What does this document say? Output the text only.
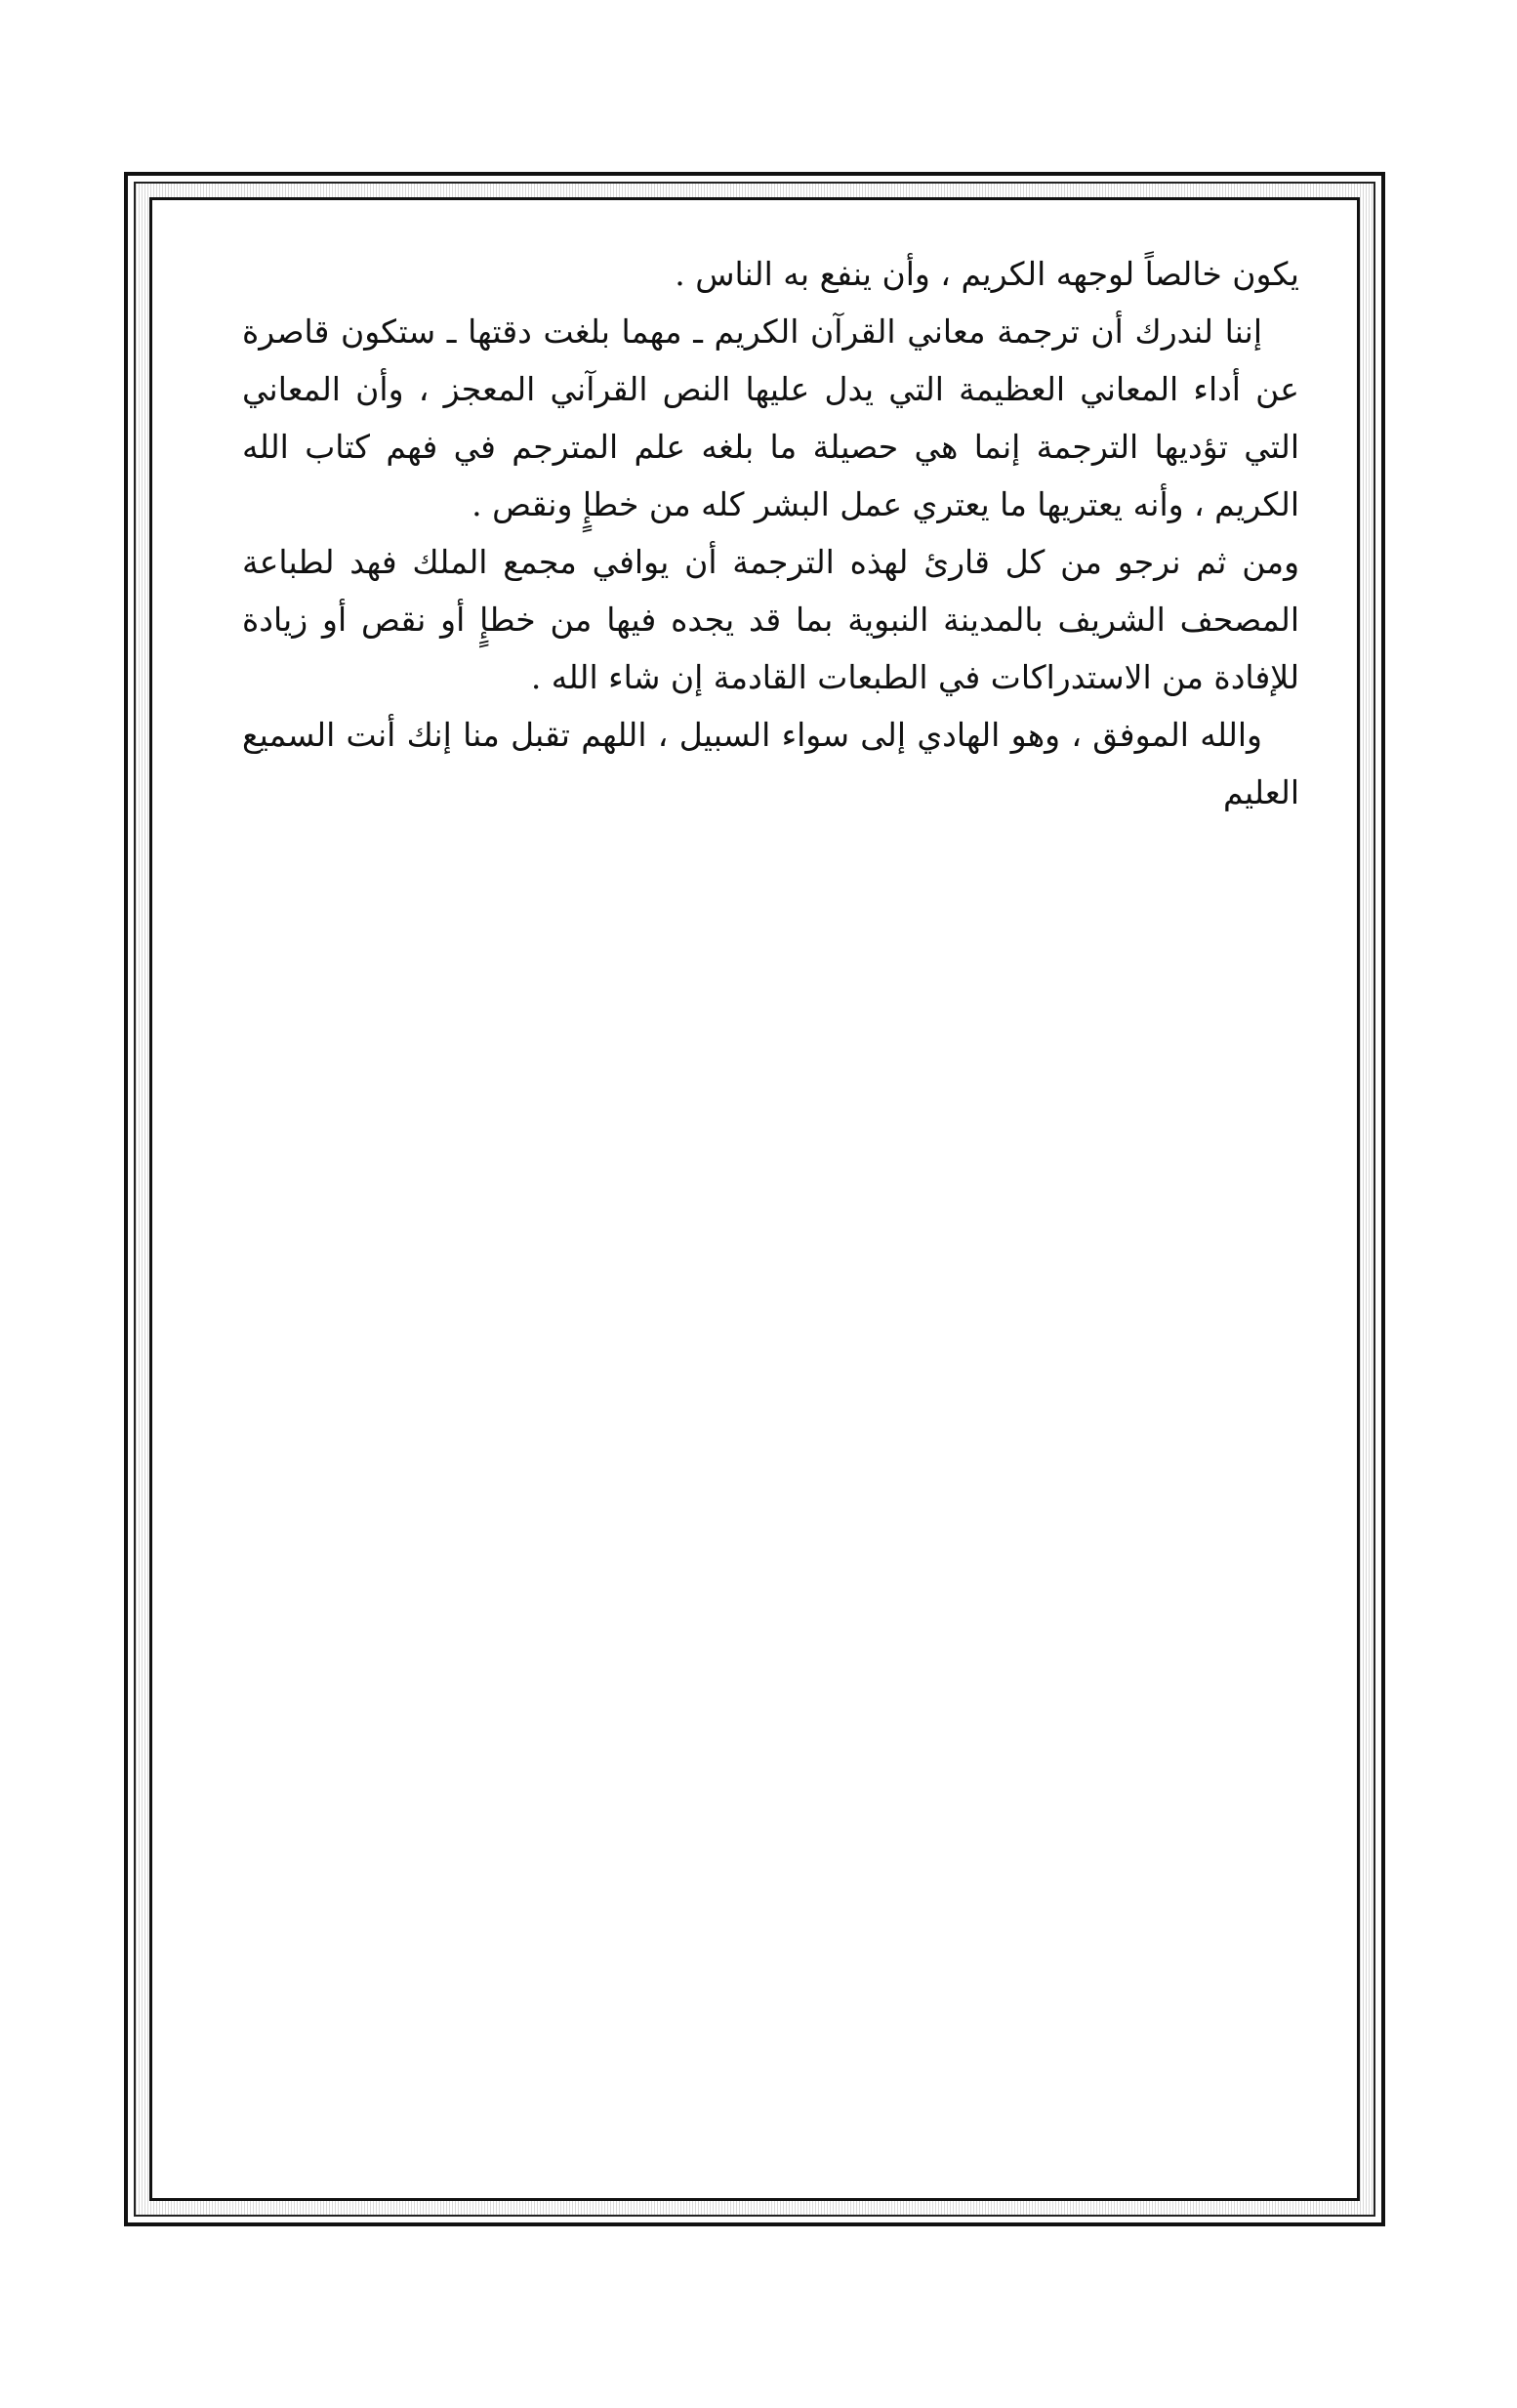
يكون خالصاً لوجهه الكريم ، وأن ينفع به الناس .

إننا لندرك أن ترجمة معاني القرآن الكريم ـ مهما بلغت دقتها ـ ستكون قاصرة عن أداء المعاني العظيمة التي يدل عليها النص القرآني المعجز ، وأن المعاني التي تؤديها الترجمة إنما هي حصيلة ما بلغه علم المترجم في فهم كتاب الله الكريم ، وأنه يعتريها ما يعتري عمل البشر كله من خطإٍ ونقص .

ومن ثم نرجو من كل قارئ لهذه الترجمة أن يوافي مجمع الملك فهد لطباعة المصحف الشريف بالمدينة النبوية بما قد يجده فيها من خطإٍ أو نقص أو زيادة للإفادة من الاستدراكات في الطبعات القادمة إن شاء الله .

والله الموفق ، وهو الهادي إلى سواء السبيل ، اللهم تقبل منا إنك أنت السميع العليم
